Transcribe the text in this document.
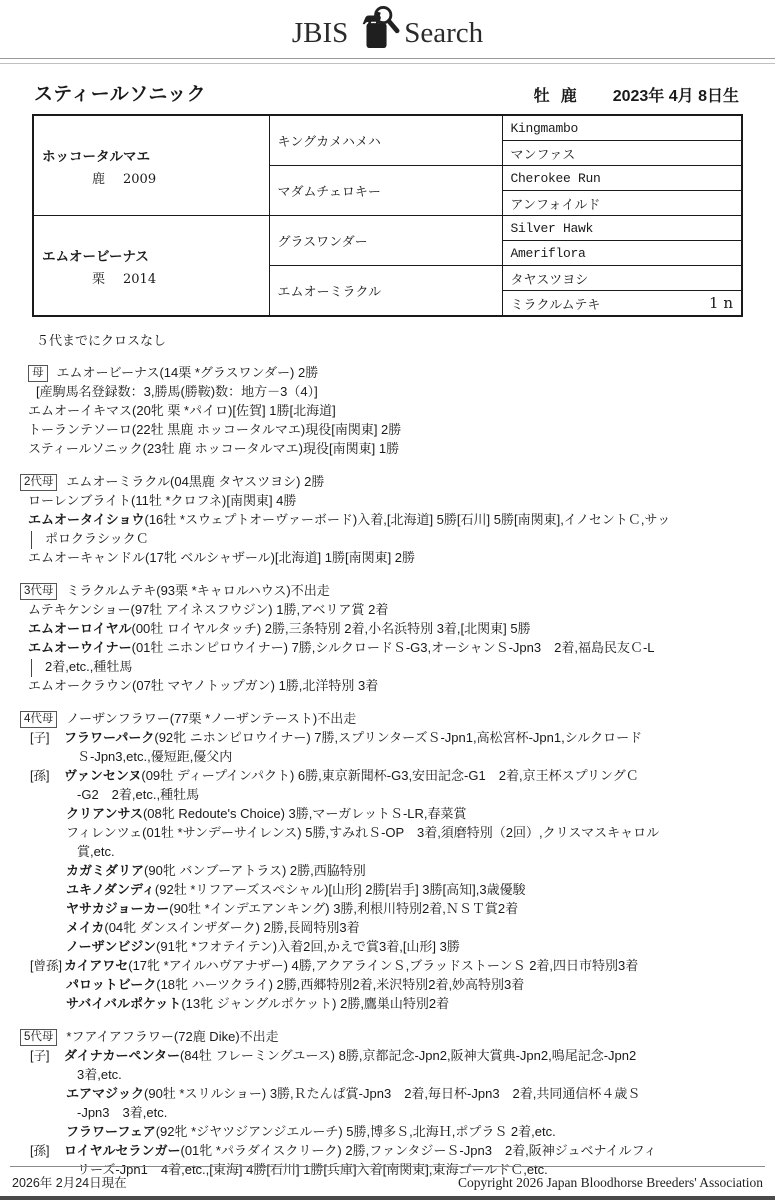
JBIS Search
スティールソニック	牡 鹿 2023年 4月 8日生
ホッコータルマエ
鹿 2009	キングカメハメハ	Kingmambo
		マンファス
	マダムチェロキー	Cherokee Run
		アンフォイルド

エムオービーナス
栗 2014	グラスワンダー	Silver Hawk
		Ameriflora
	エムオーミラクル	タヤスツヨシ
		ミラクルムテキ 1 n
５代までにクロスなし
母 エムオービーナス(14栗 *グラスワンダー) 2勝
[産駒馬名登録数：3,勝馬(勝鞍)数：地方－3（4）]
エムオーイキマス(20牝 栗 *パイロ)[佐賀] 1勝[北海道]
トーランテソーロ(22牡 黒鹿 ホッコータルマエ)現役[南関東] 2勝
スティールソニック(23牡 鹿 ホッコータルマエ)現役[南関東] 1勝
2代母 エムオーミラクル(04黒鹿 タヤスツヨシ) 2勝
ローレンブライト(11牡 *クロフネ)[南関東] 4勝
エムオータイショウ(16牡 *スウェプトオーヴァーボード)入着,[北海道] 5勝[石川] 5勝[南関東],イノセントＣ,サッ
ポロクラシックＣ
エムオーキャンドル(17牝 ベルシャザール)[北海道] 1勝[南関東] 2勝
3代母 ミラクルムテキ(93栗 *キャロルハウス)不出走
ムテキケンショー(97牡 アイネスフウジン) 1勝,アベリア賞 2着
エムオーロイヤル(00牡 ロイヤルタッチ) 2勝,三条特別 2着,小名浜特別 3着,[北関東] 5勝
エムオーウイナー(01牡 ニホンピロウイナー) 7勝,シルクロードＳ-G3,オーシャンＳ-Jpn3　2着,福島民友Ｃ-L
2着,etc.,種牡馬
エムオークラウン(07牡 マヤノトップガン) 1勝,北洋特別 3着
4代母 ノーザンフラワー(77栗 *ノーザンテースト)不出走
[子] フラワーパーク(92牝 ニホンピロウイナー) 7勝,スプリンターズＳ-Jpn1,高松宮杯-Jpn1,シルクロード
Ｓ-Jpn3,etc.,優短距,優父内
[孫] ヴァンセンヌ(09牡 ディープインパクト) 6勝,東京新聞杯-G3,安田記念-G1　2着,京王杯スプリングＣ
-G2　2着,etc.,種牡馬
クリアンサス(08牝 Redoute's Choice) 3勝,マーガレットＳ-LR,春菜賞
フィレンツェ(01牡 *サンデーサイレンス) 5勝,すみれＳ-OP　3着,須磨特別（2回）,クリスマスキャロル
賞,etc.
カガミダリア(90牝 バンブーアトラス) 2勝,西脇特別
ユキノダンディ(92牡 *リフアーズスペシャル)[山形] 2勝[岩手] 3勝[高知],3歳優駿
ヤサカジョーカー(90牡 *インデエアンキング) 3勝,利根川特別2着,ＮＳＴ賞2着
メイカ(04牝 ダンスインザダーク) 2勝,長岡特別3着
ノーザンビジン(91牝 *フオテイテン)入着2回,かえで賞3着,[山形] 3勝
[曾孫] カイアワセ(17牝 *アイルハヴアナザー) 4勝,アクアラインＳ,ブラッドストーンＳ 2着,四日市特別3着
パロットビーク(18牝 ハーツクライ) 2勝,西郷特別2着,米沢特別2着,妙高特別3着
サバイバルポケット(13牝 ジャングルポケット) 2勝,鷹巣山特別2着
5代母 *フアイアフラワー(72鹿 Dike)不出走
[子] ダイナカーペンター(84牡 フレーミングユース) 8勝,京都記念-Jpn2,阪神大賞典-Jpn2,鳴尾記念-Jpn2
3着,etc.
エアマジック(90牡 *スリルショー) 3勝,Ｒたんぱ賞-Jpn3　2着,毎日杯-Jpn3　2着,共同通信杯４歳Ｓ
-Jpn3　3着,etc.
フラワーフェア(92牝 *ジヤツジアンジエルーチ) 5勝,博多Ｓ,北海Ｈ,ポプラＳ 2着,etc.
[孫] ロイヤルセランガー(01牝 *パラダイスクリーク) 2勝,ファンタジーＳ-Jpn3　2着,阪神ジュベナイルフィ
リーズ-Jpn1　4着,etc.,[東海] 4勝[石川] 1勝[兵庫]入着[南関東],東海ゴールドＣ,etc.
2026年 2月24日現在	Copyright 2026 Japan Bloodhorse Breeders' Association
